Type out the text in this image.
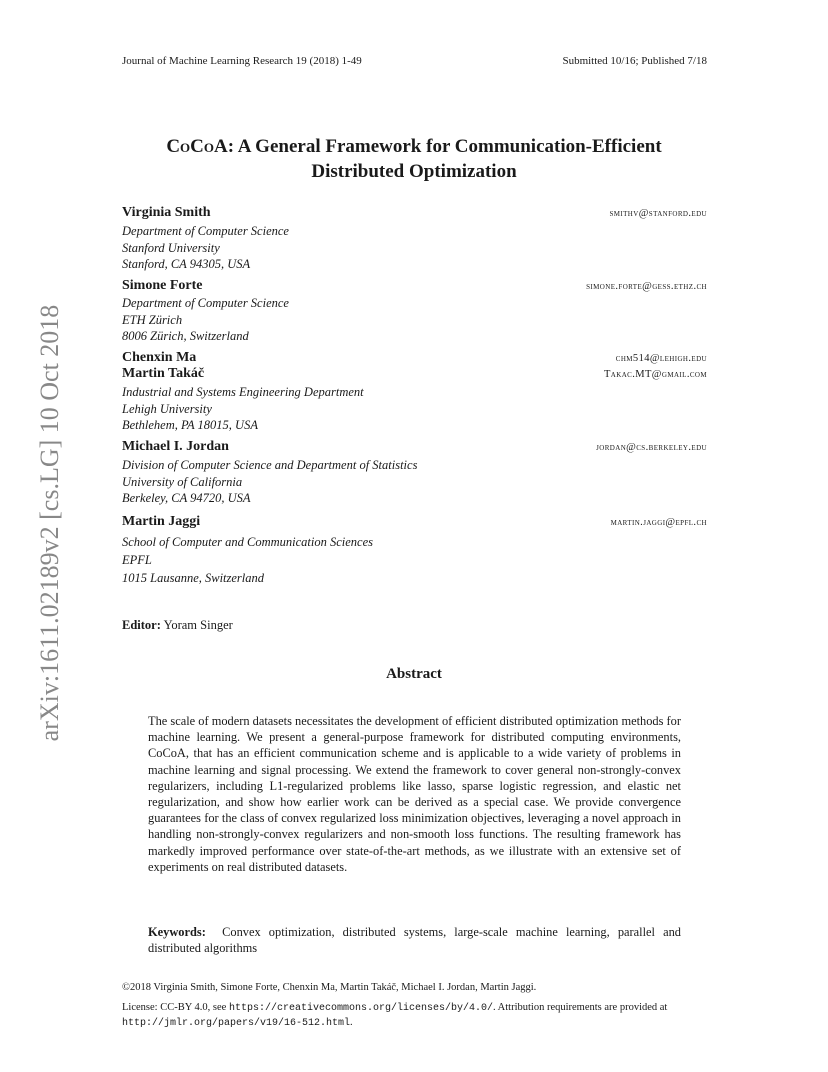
Journal of Machine Learning Research 19 (2018) 1-49	Submitted 10/16; Published 7/18
CoCoA: A General Framework for Communication-Efficient
Distributed Optimization
Virginia Smith	smithv@stanford.edu
Department of Computer Science
Stanford University
Stanford, CA 94305, USA
Simone Forte	simone.forte@gess.ethz.ch
Department of Computer Science
ETH Zürich
8006 Zürich, Switzerland
Chenxin Ma	chm514@lehigh.edu
Martin Takáč	Takac.MT@gmail.com
Industrial and Systems Engineering Department
Lehigh University
Bethlehem, PA 18015, USA
Michael I. Jordan	jordan@cs.berkeley.edu
Division of Computer Science and Department of Statistics
University of California
Berkeley, CA 94720, USA
Martin Jaggi	martin.jaggi@epfl.ch
School of Computer and Communication Sciences
EPFL
1015 Lausanne, Switzerland
Editor: Yoram Singer
Abstract
The scale of modern datasets necessitates the development of efficient distributed optimization methods for machine learning. We present a general-purpose framework for distributed computing environments, CoCoA, that has an efficient communication scheme and is applicable to a wide variety of problems in machine learning and signal processing. We extend the framework to cover general non-strongly-convex regularizers, including L1-regularized problems like lasso, sparse logistic regression, and elastic net regularization, and show how earlier work can be derived as a special case. We provide convergence guarantees for the class of convex regularized loss minimization objectives, leveraging a novel approach in handling non-strongly-convex regularizers and non-smooth loss functions. The resulting framework has markedly improved performance over state-of-the-art methods, as we illustrate with an extensive set of experiments on real distributed datasets.
Keywords: Convex optimization, distributed systems, large-scale machine learning, parallel and distributed algorithms
©2018 Virginia Smith, Simone Forte, Chenxin Ma, Martin Takáč, Michael I. Jordan, Martin Jaggi.
License: CC-BY 4.0, see https://creativecommons.org/licenses/by/4.0/. Attribution requirements are provided at http://jmlr.org/papers/v19/16-512.html.
arXiv:1611.02189v2 [cs.LG] 10 Oct 2018
